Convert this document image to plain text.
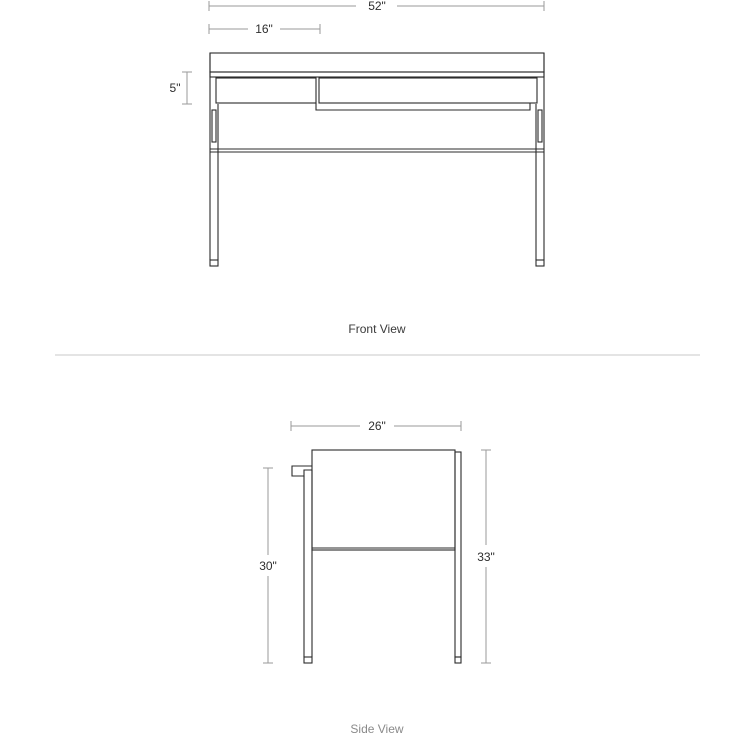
52"
16"
5"
Front View
26"
30"
33"
Side View
